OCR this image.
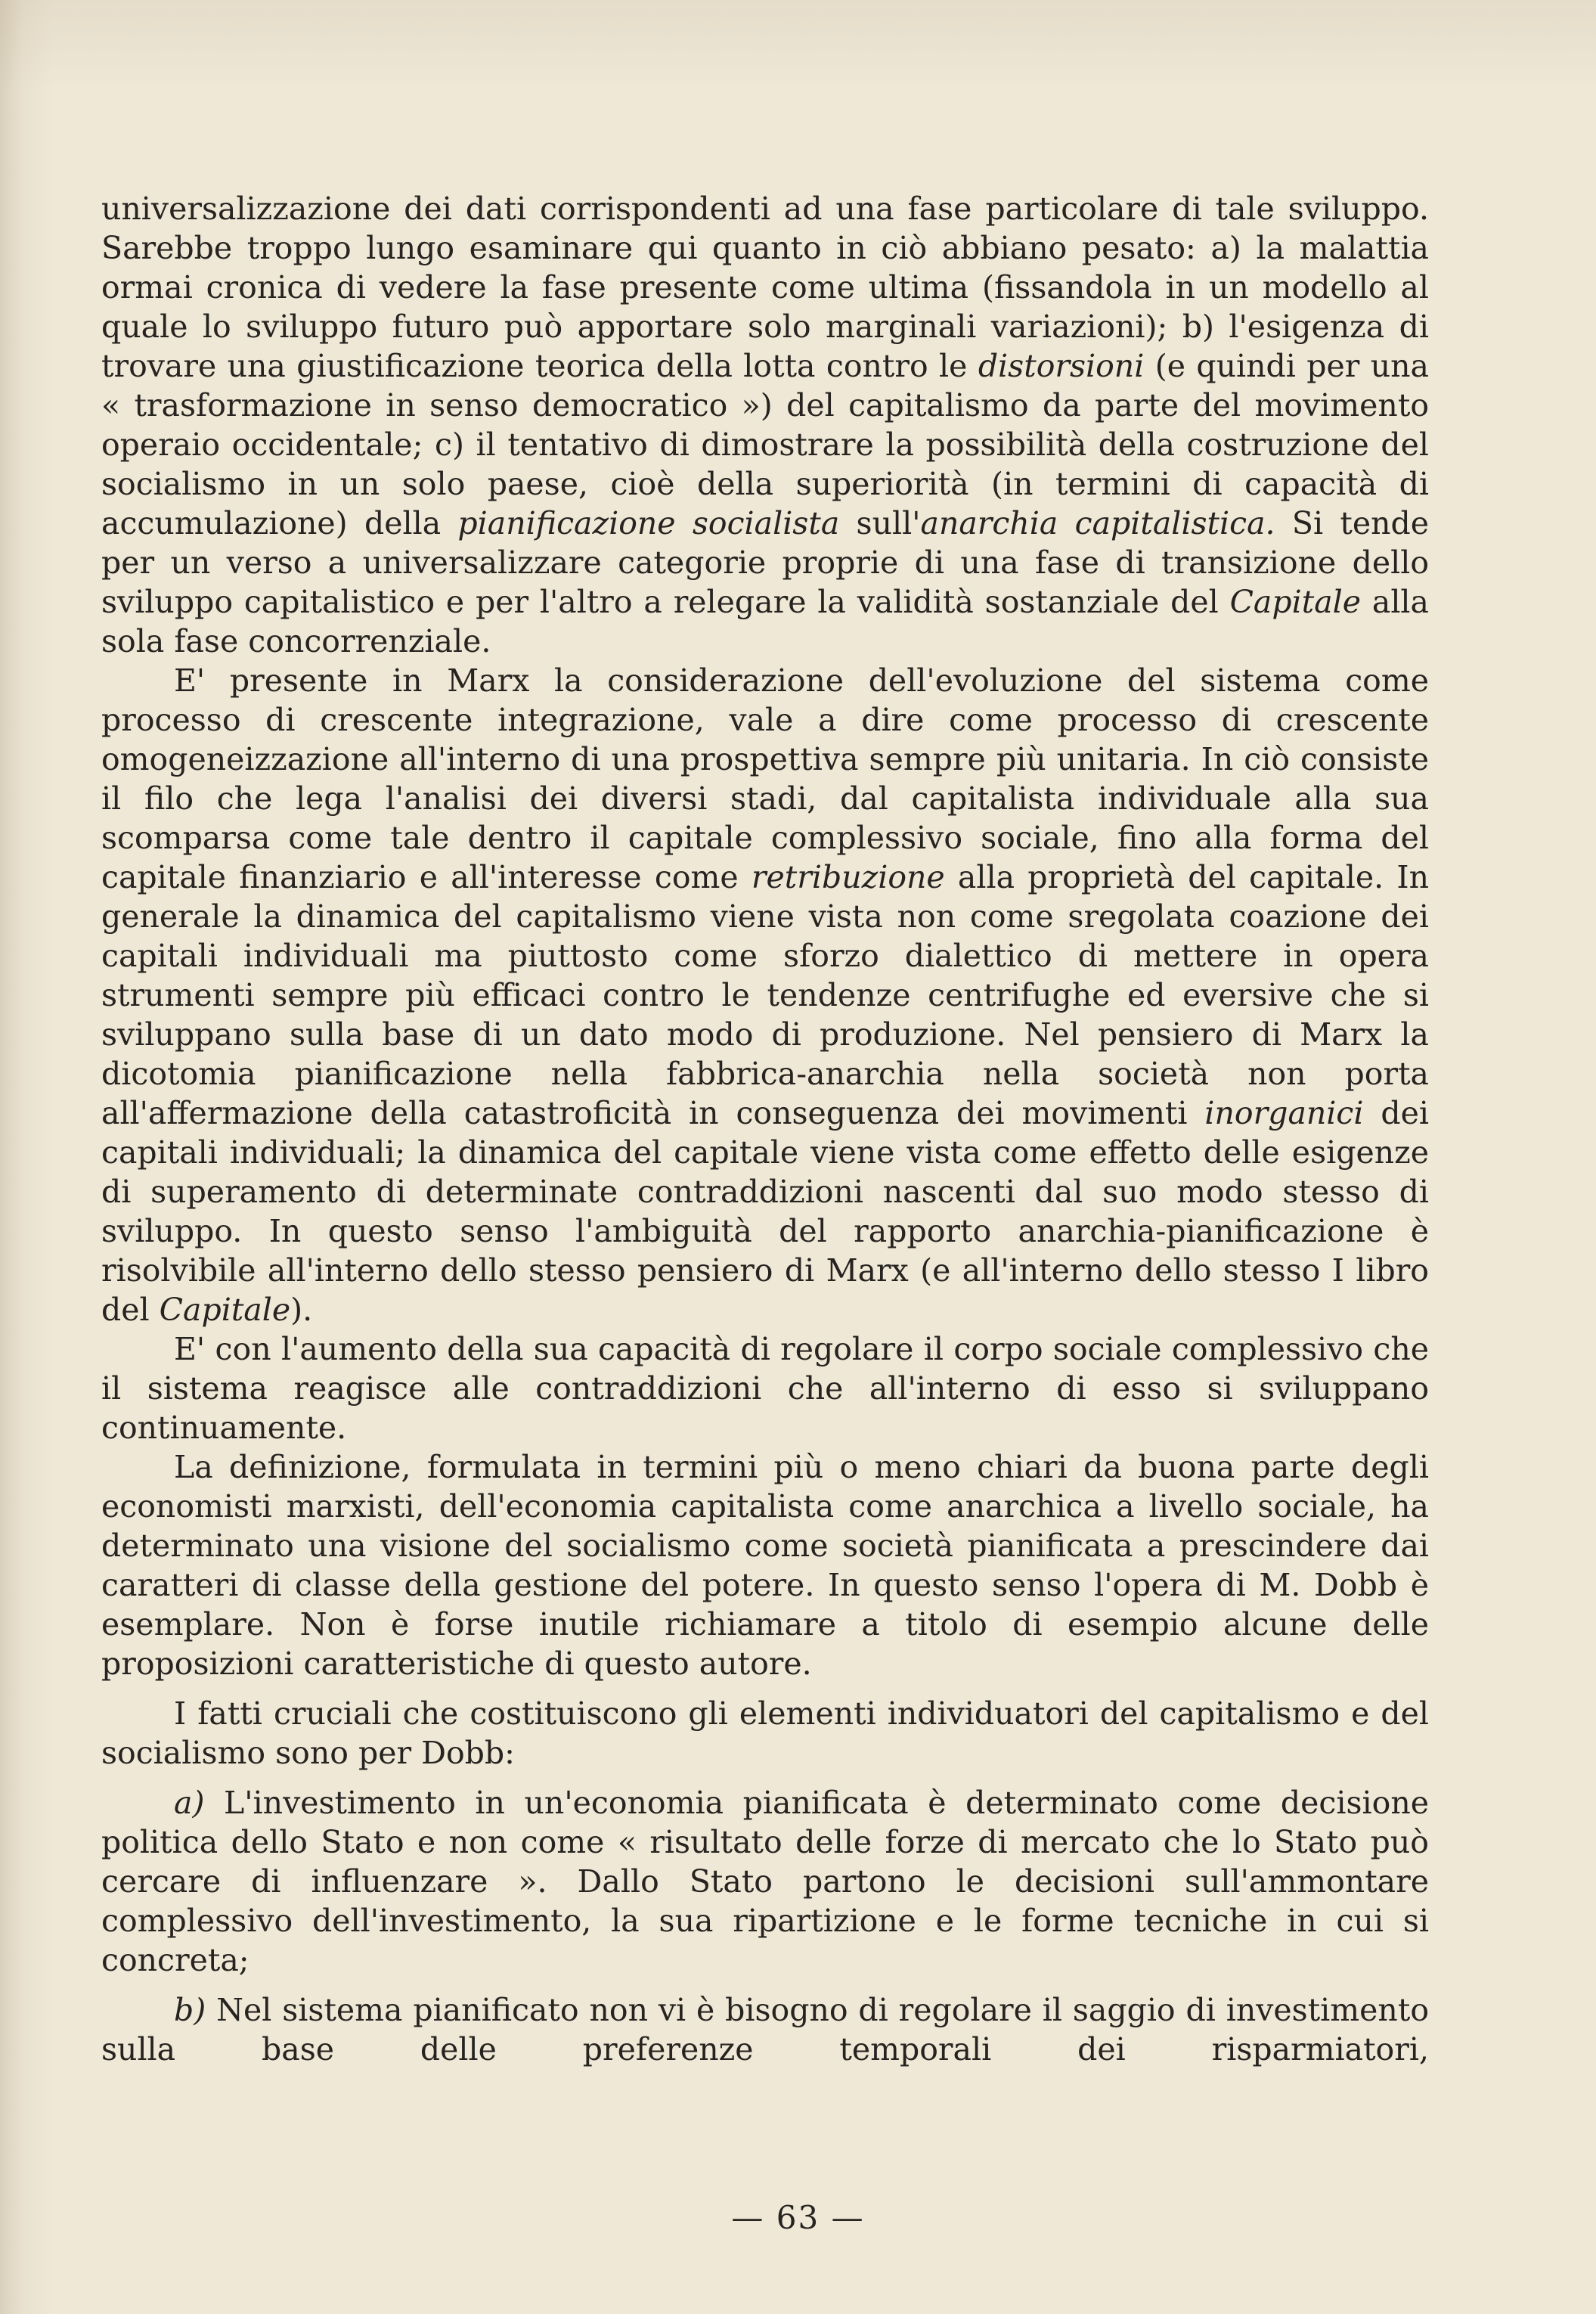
universalizzazione dei dati corrispondenti ad una fase particolare di tale sviluppo. Sarebbe troppo lungo esaminare qui quanto in ciò abbiano pesato: a) la malattia ormai cronica di vedere la fase presente come ultima (fissandola in un modello al quale lo sviluppo futuro può apportare solo marginali variazioni); b) l'esigenza di trovare una giustificazione teorica della lotta contro le distorsioni (e quindi per una « trasformazione in senso democratico ») del capitalismo da parte del movimento operaio occidentale; c) il tentativo di dimostrare la possibilità della costruzione del socialismo in un solo paese, cioè della superiorità (in termini di capacità di accumulazione) della pianificazione socialista sull'anarchia capitalistica. Si tende per un verso a universalizzare categorie proprie di una fase di transizione dello sviluppo capitalistico e per l'altro a relegare la validità sostanziale del Capitale alla sola fase concorrenziale.

E' presente in Marx la considerazione dell'evoluzione del sistema come processo di crescente integrazione, vale a dire come processo di crescente omogeneizzazione all'interno di una prospettiva sempre più unitaria. In ciò consiste il filo che lega l'analisi dei diversi stadi, dal capitalista individuale alla sua scomparsa come tale dentro il capitale complessivo sociale, fino alla forma del capitale finanziario e all'interesse come retribuzione alla proprietà del capitale. In generale la dinamica del capitalismo viene vista non come sregolata coazione dei capitali individuali ma piuttosto come sforzo dialettico di mettere in opera strumenti sempre più efficaci contro le tendenze centrifughe ed eversive che si sviluppano sulla base di un dato modo di produzione. Nel pensiero di Marx la dicotomia pianificazione nella fabbrica-anarchia nella società non porta all'affermazione della catastroficità in conseguenza dei movimenti inorganici dei capitali individuali; la dinamica del capitale viene vista come effetto delle esigenze di superamento di determinate contraddizioni nascenti dal suo modo stesso di sviluppo. In questo senso l'ambiguità del rapporto anarchia-pianificazione è risolvibile all'interno dello stesso pensiero di Marx (e all'interno dello stesso I libro del Capitale).

E' con l'aumento della sua capacità di regolare il corpo sociale complessivo che il sistema reagisce alle contraddizioni che all'interno di esso si sviluppano continuamente.

La definizione, formulata in termini più o meno chiari da buona parte degli economisti marxisti, dell'economia capitalista come anarchica a livello sociale, ha determinato una visione del socialismo come società pianificata a prescindere dai caratteri di classe della gestione del potere. In questo senso l'opera di M. Dobb è esemplare. Non è forse inutile richiamare a titolo di esempio alcune delle proposizioni caratteristiche di questo autore.

I fatti cruciali che costituiscono gli elementi individuatori del capitalismo e del socialismo sono per Dobb:

a) L'investimento in un'economia pianificata è determinato come decisione politica dello Stato e non come « risultato delle forze di mercato che lo Stato può cercare di influenzare ». Dallo Stato partono le decisioni sull'ammontare complessivo dell'investimento, la sua ripartizione e le forme tecniche in cui si concreta;

b) Nel sistema pianificato non vi è bisogno di regolare il saggio di investimento sulla base delle preferenze temporali dei risparmiatori,

— 63 —
